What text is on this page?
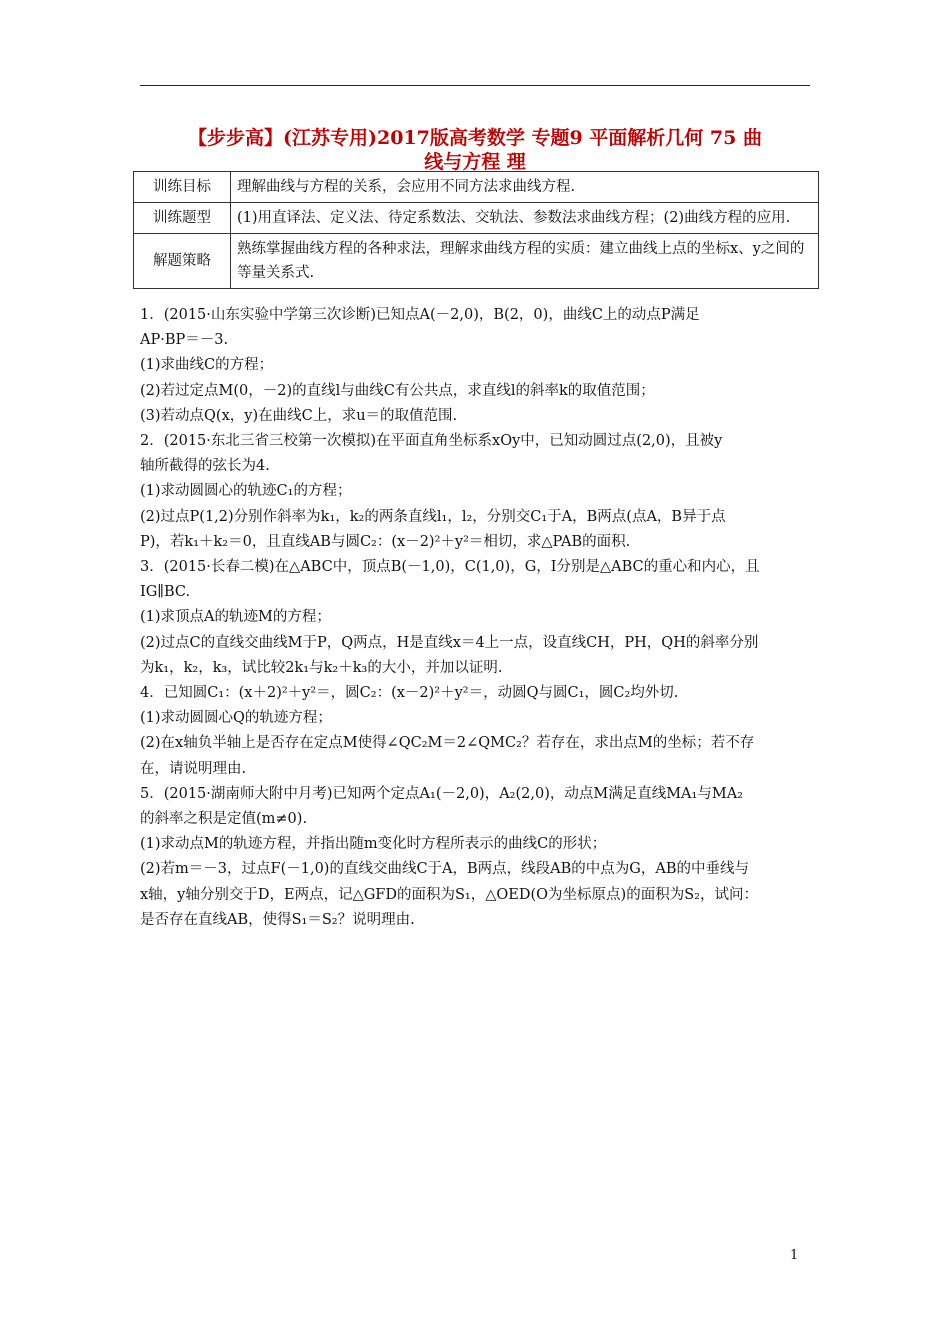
【步步高】(江苏专用)2017版高考数学 专题9 平面解析几何 75 曲
线与方程 理
训练目标	理解曲线与方程的关系，会应用不同方法求曲线方程.
训练题型	(1)用直译法、定义法、待定系数法、交轨法、参数法求曲线方程；(2)曲线方程的应用.
解题策略	熟练掌握曲线方程的各种求法，理解求曲线方程的实质：建立曲线上点的坐标x、y之间的等量关系式.

1．(2015·山东实验中学第三次诊断)已知点A(－2,0)，B(2，0)，曲线C上的动点P满足

AP·BP＝－3.

(1)求曲线C的方程；

(2)若过定点M(0，－2)的直线l与曲线C有公共点，求直线l的斜率k的取值范围；

(3)若动点Q(x，y)在曲线C上，求u＝的取值范围.

2．(2015·东北三省三校第一次模拟)在平面直角坐标系xOy中，已知动圆过点(2,0)，且被y

轴所截得的弦长为4.

(1)求动圆圆心的轨迹C₁的方程；

(2)过点P(1,2)分别作斜率为k₁，k₂的两条直线l₁，l₂，分别交C₁于A，B两点(点A，B异于点

P)，若k₁＋k₂＝0，且直线AB与圆C₂：(x－2)²＋y²＝相切，求△PAB的面积.

3．(2015·长春二模)在△ABC中，顶点B(－1,0)，C(1,0)，G，I分别是△ABC的重心和内心，且

IG∥BC.

(1)求顶点A的轨迹M的方程；

(2)过点C的直线交曲线M于P，Q两点，H是直线x＝4上一点，设直线CH，PH，QH的斜率分别

为k₁，k₂，k₃，试比较2k₁与k₂＋k₃的大小，并加以证明.

4．已知圆C₁：(x＋2)²＋y²＝，圆C₂：(x－2)²＋y²＝，动圆Q与圆C₁，圆C₂均外切.

(1)求动圆圆心Q的轨迹方程；

(2)在x轴负半轴上是否存在定点M使得∠QC₂M＝2∠QMC₂？若存在，求出点M的坐标；若不存

在，请说明理由.

5．(2015·湖南师大附中月考)已知两个定点A₁(－2,0)，A₂(2,0)，动点M满足直线MA₁与MA₂

的斜率之积是定值(m≠0).

(1)求动点M的轨迹方程，并指出随m变化时方程所表示的曲线C的形状；

(2)若m＝－3，过点F(－1,0)的直线交曲线C于A，B两点，线段AB的中点为G，AB的中垂线与

x轴，y轴分别交于D，E两点，记△GFD的面积为S₁，△OED(O为坐标原点)的面积为S₂，试问：

是否存在直线AB，使得S₁＝S₂？说明理由.

1
